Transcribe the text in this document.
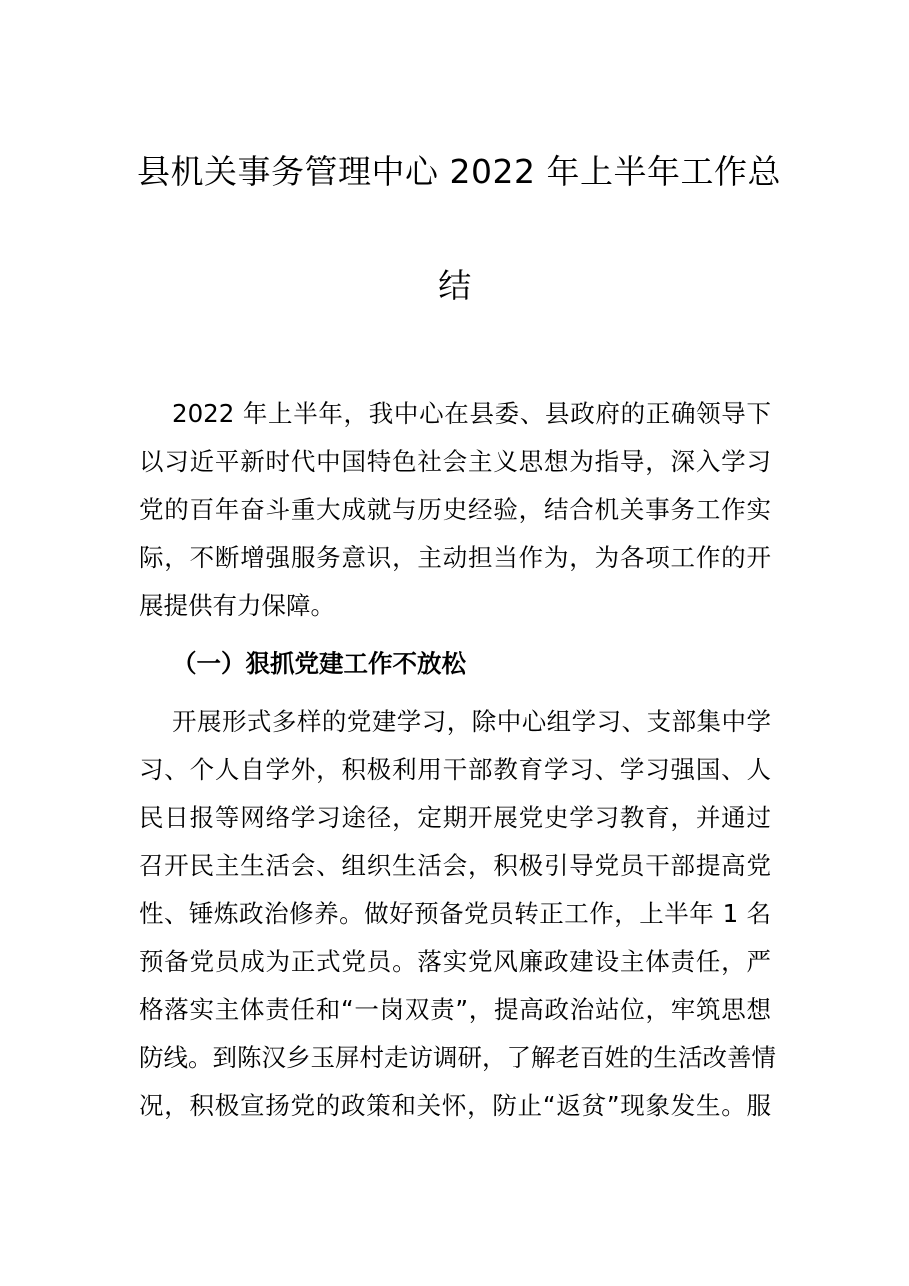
县机关事务管理中心 2022 年上半年工作总
结
2022 年上半年，我中心在县委、县政府的正确领导下
以习近平新时代中国特色社会主义思想为指导，深入学习
党的百年奋斗重大成就与历史经验，结合机关事务工作实
际，不断增强服务意识，主动担当作为，为各项工作的开
展提供有力保障。
（一）狠抓党建工作不放松
开展形式多样的党建学习，除中心组学习、支部集中学
习、个人自学外，积极利用干部教育学习、学习强国、人
民日报等网络学习途径，定期开展党史学习教育，并通过
召开民主生活会、组织生活会，积极引导党员干部提高党
性、锤炼政治修养。做好预备党员转正工作，上半年 1 名
预备党员成为正式党员。落实党风廉政建设主体责任，严
格落实主体责任和“一岗双责”，提高政治站位，牢筑思想
防线。到陈汉乡玉屏村走访调研，了解老百姓的生活改善情
况，积极宣扬党的政策和关怀，防止“返贫”现象发生。服
